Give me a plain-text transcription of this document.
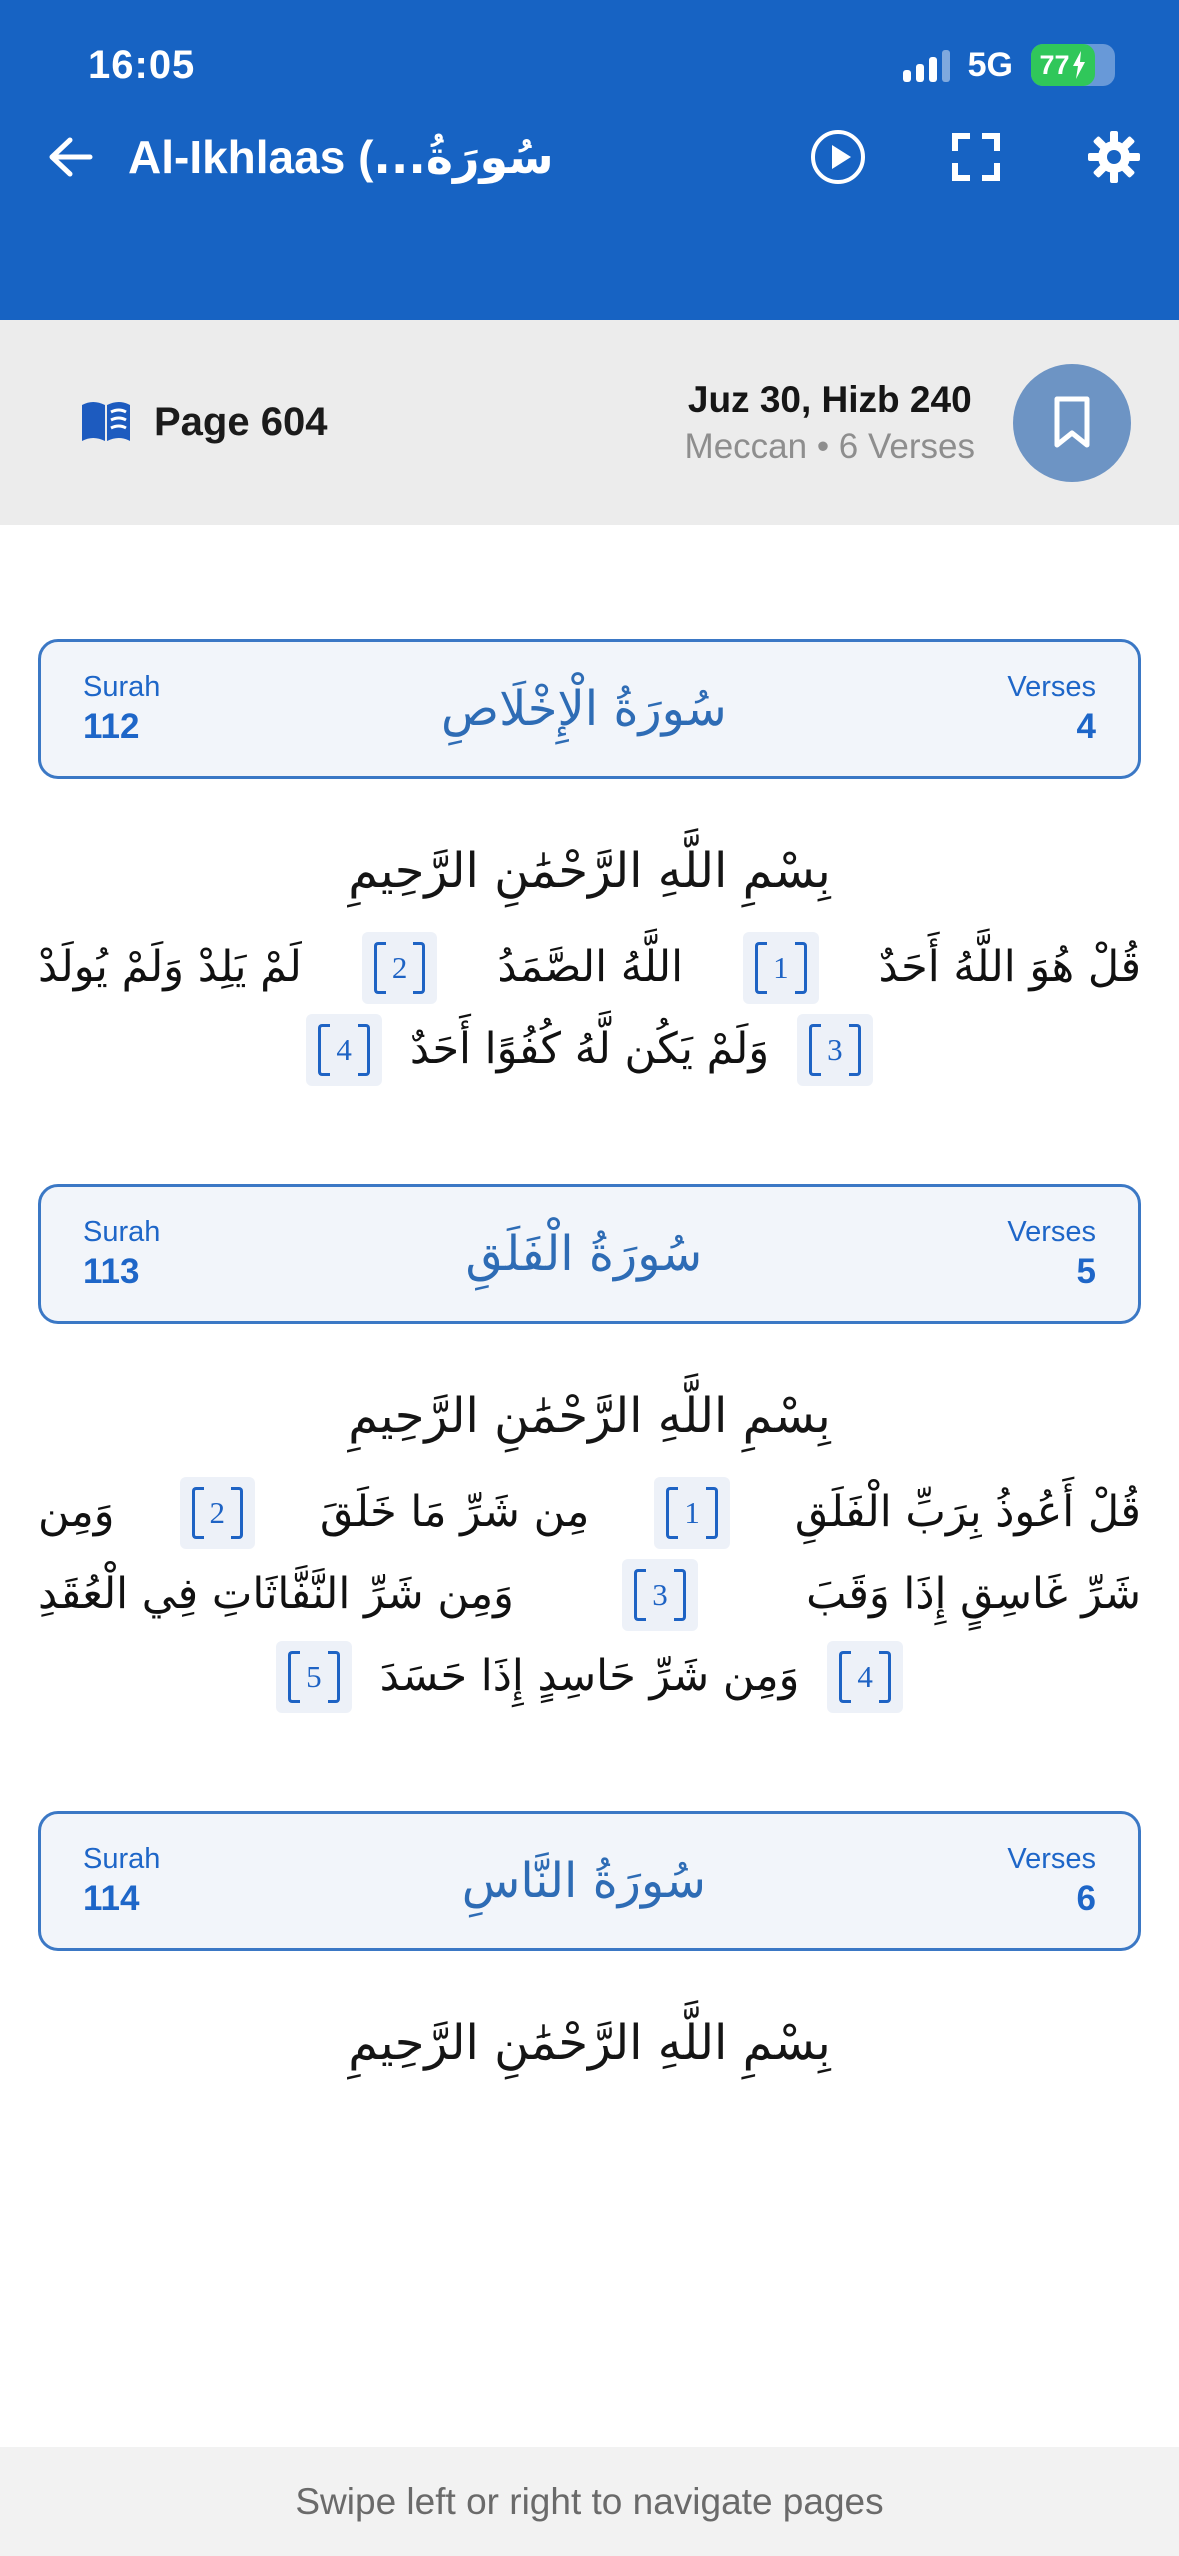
16:05	5G 77
Al-Ikhlaas (سُورَةُ...
Page 604
Juz 30, Hizb 240
Meccan • 6 Verses
Surah
112	سُورَةُ الْإِخْلَاصِ	Verses
4
بِسْمِ اللَّهِ الرَّحْمَٰنِ الرَّحِيمِ
قُلْ هُوَ اللَّهُ أَحَدٌ
1
اللَّهُ الصَّمَدُ
2
لَمْ يَلِدْ وَلَمْ يُولَدْ
3
وَلَمْ يَكُن لَّهُ كُفُوًا أَحَدٌ
4
Surah
113	سُورَةُ الْفَلَقِ	Verses
5
بِسْمِ اللَّهِ الرَّحْمَٰنِ الرَّحِيمِ
قُلْ أَعُوذُ بِرَبِّ الْفَلَقِ
1
مِن شَرِّ مَا خَلَقَ
2
وَمِن
شَرِّ غَاسِقٍ إِذَا وَقَبَ
3
وَمِن شَرِّ النَّفَّاثَاتِ فِي الْعُقَدِ
4
وَمِن شَرِّ حَاسِدٍ إِذَا حَسَدَ
5
Surah
114	سُورَةُ النَّاسِ	Verses
6
بِسْمِ اللَّهِ الرَّحْمَٰنِ الرَّحِيمِ
Swipe left or right to navigate pages
